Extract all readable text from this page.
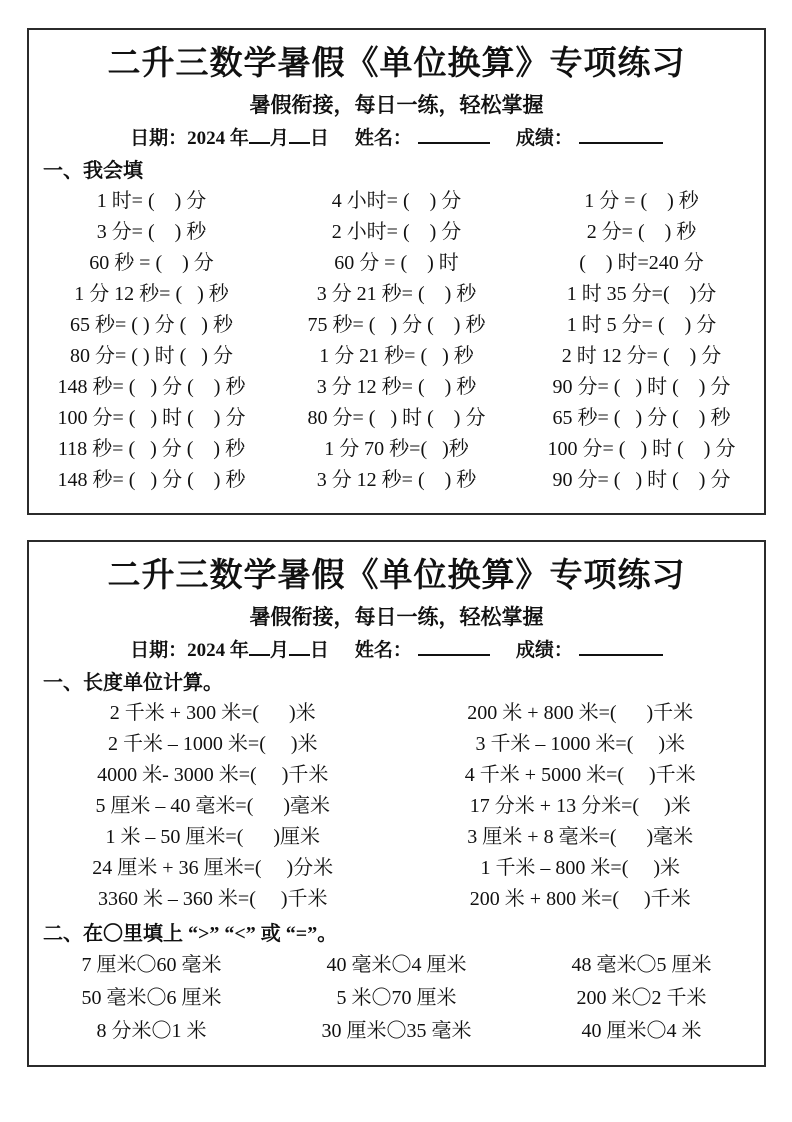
二升三数学暑假《单位换算》专项练习
暑假衔接，每日一练，轻松掌握
日期：2024 年 月 日 姓名：	成绩：
一、我会填
1 时= (    ) 分	4 小时= (    ) 分	1 分 = (    ) 秒
3 分= (    ) 秒	2 小时= (    ) 分	2 分= (    ) 秒
60 秒 = (    ) 分	60 分 = (    ) 时	(    ) 时=240 分
1 分 12 秒= (   ) 秒	3 分 21 秒= (    ) 秒	1 时 35 分=(    )分
65 秒= ( ) 分 (   ) 秒	75 秒= (   ) 分 (    ) 秒	1 时 5 分= (    ) 分
80 分= ( ) 时 (   ) 分	1 分 21 秒= (   ) 秒	2 时 12 分= (    ) 分
148 秒= (   ) 分 (    ) 秒	3 分 12 秒= (    ) 秒	90 分= (   ) 时 (    ) 分
100 分= (   ) 时 (    ) 分	80 分= (   ) 时 (    ) 分	65 秒= (   ) 分 (    ) 秒
118 秒= (   ) 分 (    ) 秒	1 分 70 秒=(   )秒	100 分= (   ) 时 (    ) 分
148 秒= (   ) 分 (    ) 秒	3 分 12 秒= (    ) 秒	90 分= (   ) 时 (    ) 分
二升三数学暑假《单位换算》专项练习
暑假衔接，每日一练，轻松掌握
日期：2024 年 月 日 姓名：	成绩：
一、长度单位计算。
2 千米 + 300 米=(      )米	200 米 + 800 米=(      )千米
2 千米 – 1000 米=(     )米	3 千米 – 1000 米=(     )米
4000 米- 3000 米=(     )千米	4 千米 + 5000 米=(     )千米
5 厘米 – 40 毫米=(      )毫米	17 分米 + 13 分米=(     )米
1 米 – 50 厘米=(      )厘米	3 厘米 + 8 毫米=(      )毫米
24 厘米 + 36 厘米=(     )分米	1 千米 – 800 米=(     )米
3360 米 – 360 米=(     )千米	200 米 + 800 米=(     )千米
二、在〇里填上 “>” “<” 或 “=”。
7 厘米〇60 毫米	40 毫米〇4 厘米	48 毫米〇5 厘米
50 毫米〇6 厘米	5 米〇70 厘米	200 米〇2 千米
8 分米〇1 米	30 厘米〇35 毫米	40 厘米〇4 米
